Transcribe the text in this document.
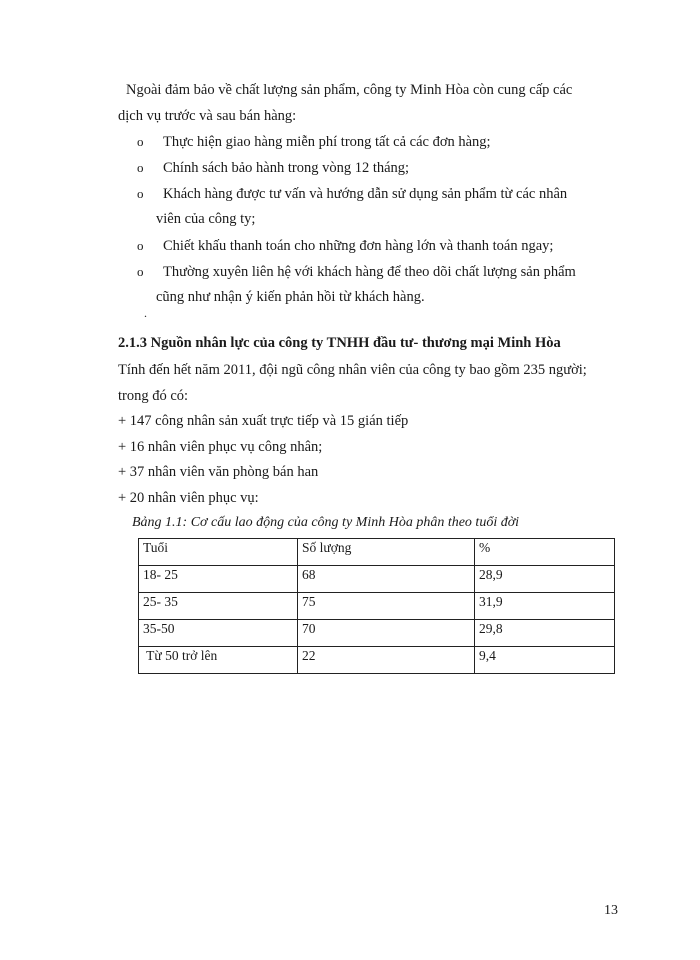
Ngoài đảm bảo về chất lượng sản phẩm, công ty Minh Hòa còn cung cấp các
dịch vụ trước và sau bán hàng:
o Thực hiện giao hàng miễn phí trong tất cả các đơn hàng;
o Chính sách bảo hành trong vòng 12 tháng;
o Khách hàng được tư vấn và hướng dẫn sử dụng sản phẩm từ các nhân
viên của công ty;
o Chiết khấu thanh toán cho những đơn hàng lớn và thanh toán ngay;
o Thường xuyên liên hệ với khách hàng để theo dõi chất lượng sản phẩm
cũng như nhận ý kiến phản hồi từ khách hàng.
.
2.1.3 Nguồn nhân lực của công ty TNHH đầu tư- thương mại Minh Hòa
Tính đến hết năm 2011, đội ngũ công nhân viên của công ty bao gồm 235 người;
trong đó có:
+ 147 công nhân sản xuất trực tiếp và 15 gián tiếp
+ 16 nhân viên phục vụ công nhân;
+ 37 nhân viên văn phòng bán han
+ 20 nhân viên phục vụ:
Bảng 1.1: Cơ cấu lao động của công ty Minh Hòa phân theo tuổi đời
Tuổi	Số lượng	%
18- 25	68	28,9
25- 35	75	31,9
35-50	70	29,8
Từ 50 trở lên	22	9,4
13
